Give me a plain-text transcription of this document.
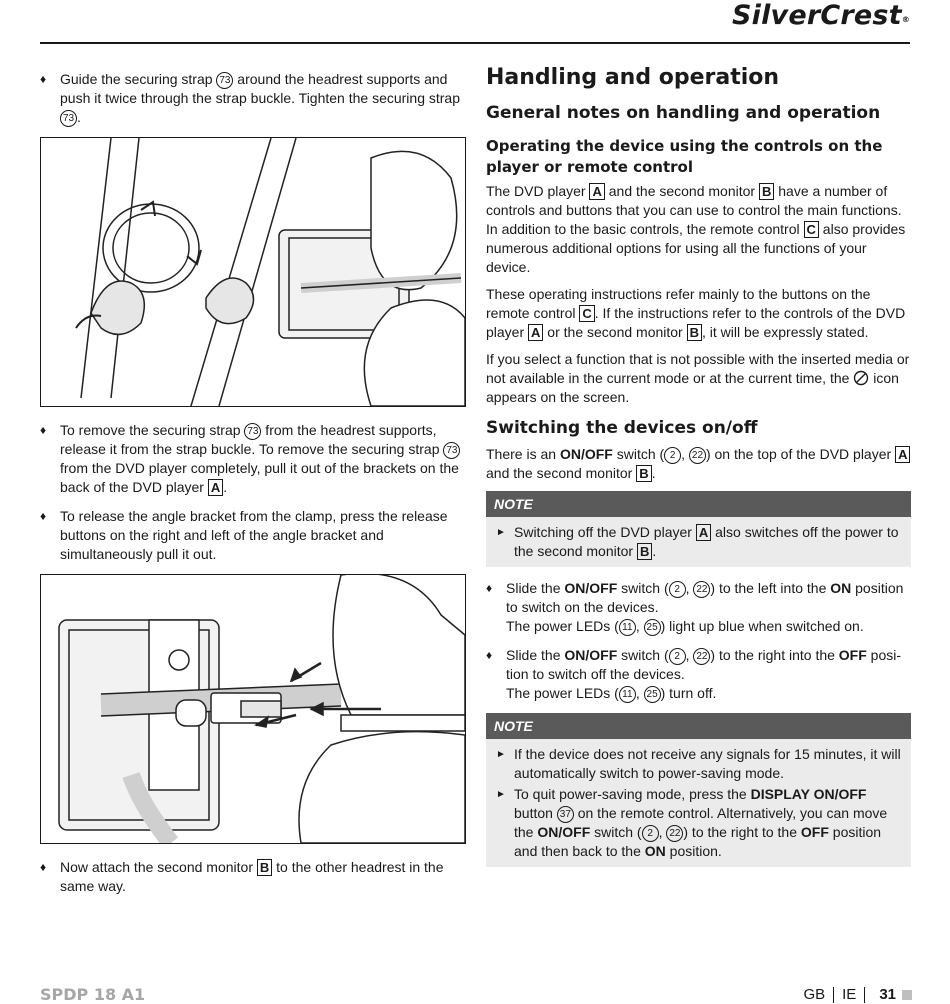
SilverCrest®
♦ Guide the securing strap 73 around the headrest supports and push it twice through the strap buckle. Tighten the securing strap 73 .
♦ To remove the securing strap 73 from the headrest supports, release it from the strap buckle. To remove the securing strap 73 from the DVD player completely, pull it out of the brackets on the back of the DVD player A .
♦ To release the angle bracket from the clamp, press the release buttons on the right and left of the angle bracket and simultaneously pull it out.
♦ Now attach the second monitor B to the other headrest in the same way.
Handling and operation
General notes on handling and operation
Operating the device using the controls on the player or remote control
The DVD player A and the second monitor B have a number of controls and buttons that you can use to control the main functions. In addition to the basic controls, the remote control C also provides numerous additional options for using all the functions of your device.
These operating instructions refer mainly to the buttons on the remote control C . If the instructions refer to the controls of the DVD player A or the second monitor B , it will be expressly stated.
If you select a function that is not possible with the inserted media or not available in the current mode or at the current time, the  icon appears on the screen.
Switching the devices on/off
There is an ON/OFF switch ( 2 , 22 ) on the top of the DVD player A and the second monitor B .
NOTE
► Switching off the DVD player A also switches off the power to the second monitor B .
♦ Slide the ON/OFF switch ( 2 , 22 ) to the left into the ON position to switch on the devices.
The power LEDs ( 11 , 25 ) light up blue when switched on.
♦ Slide the ON/OFF switch ( 2 , 22 ) to the right into the OFF position to switch off the devices.
The power LEDs ( 11 , 25 ) turn off.
NOTE
► If the device does not receive any signals for 15 minutes, it will automatically switch to power-saving mode.
► To quit power-saving mode, press the DISPLAY ON/OFF button 37 on the remote control. Alternatively, you can move the ON/OFF switch ( 2 , 22 ) to the right to the OFF position and then back to the ON position.
SPDP 18 A1	GB IE 31
